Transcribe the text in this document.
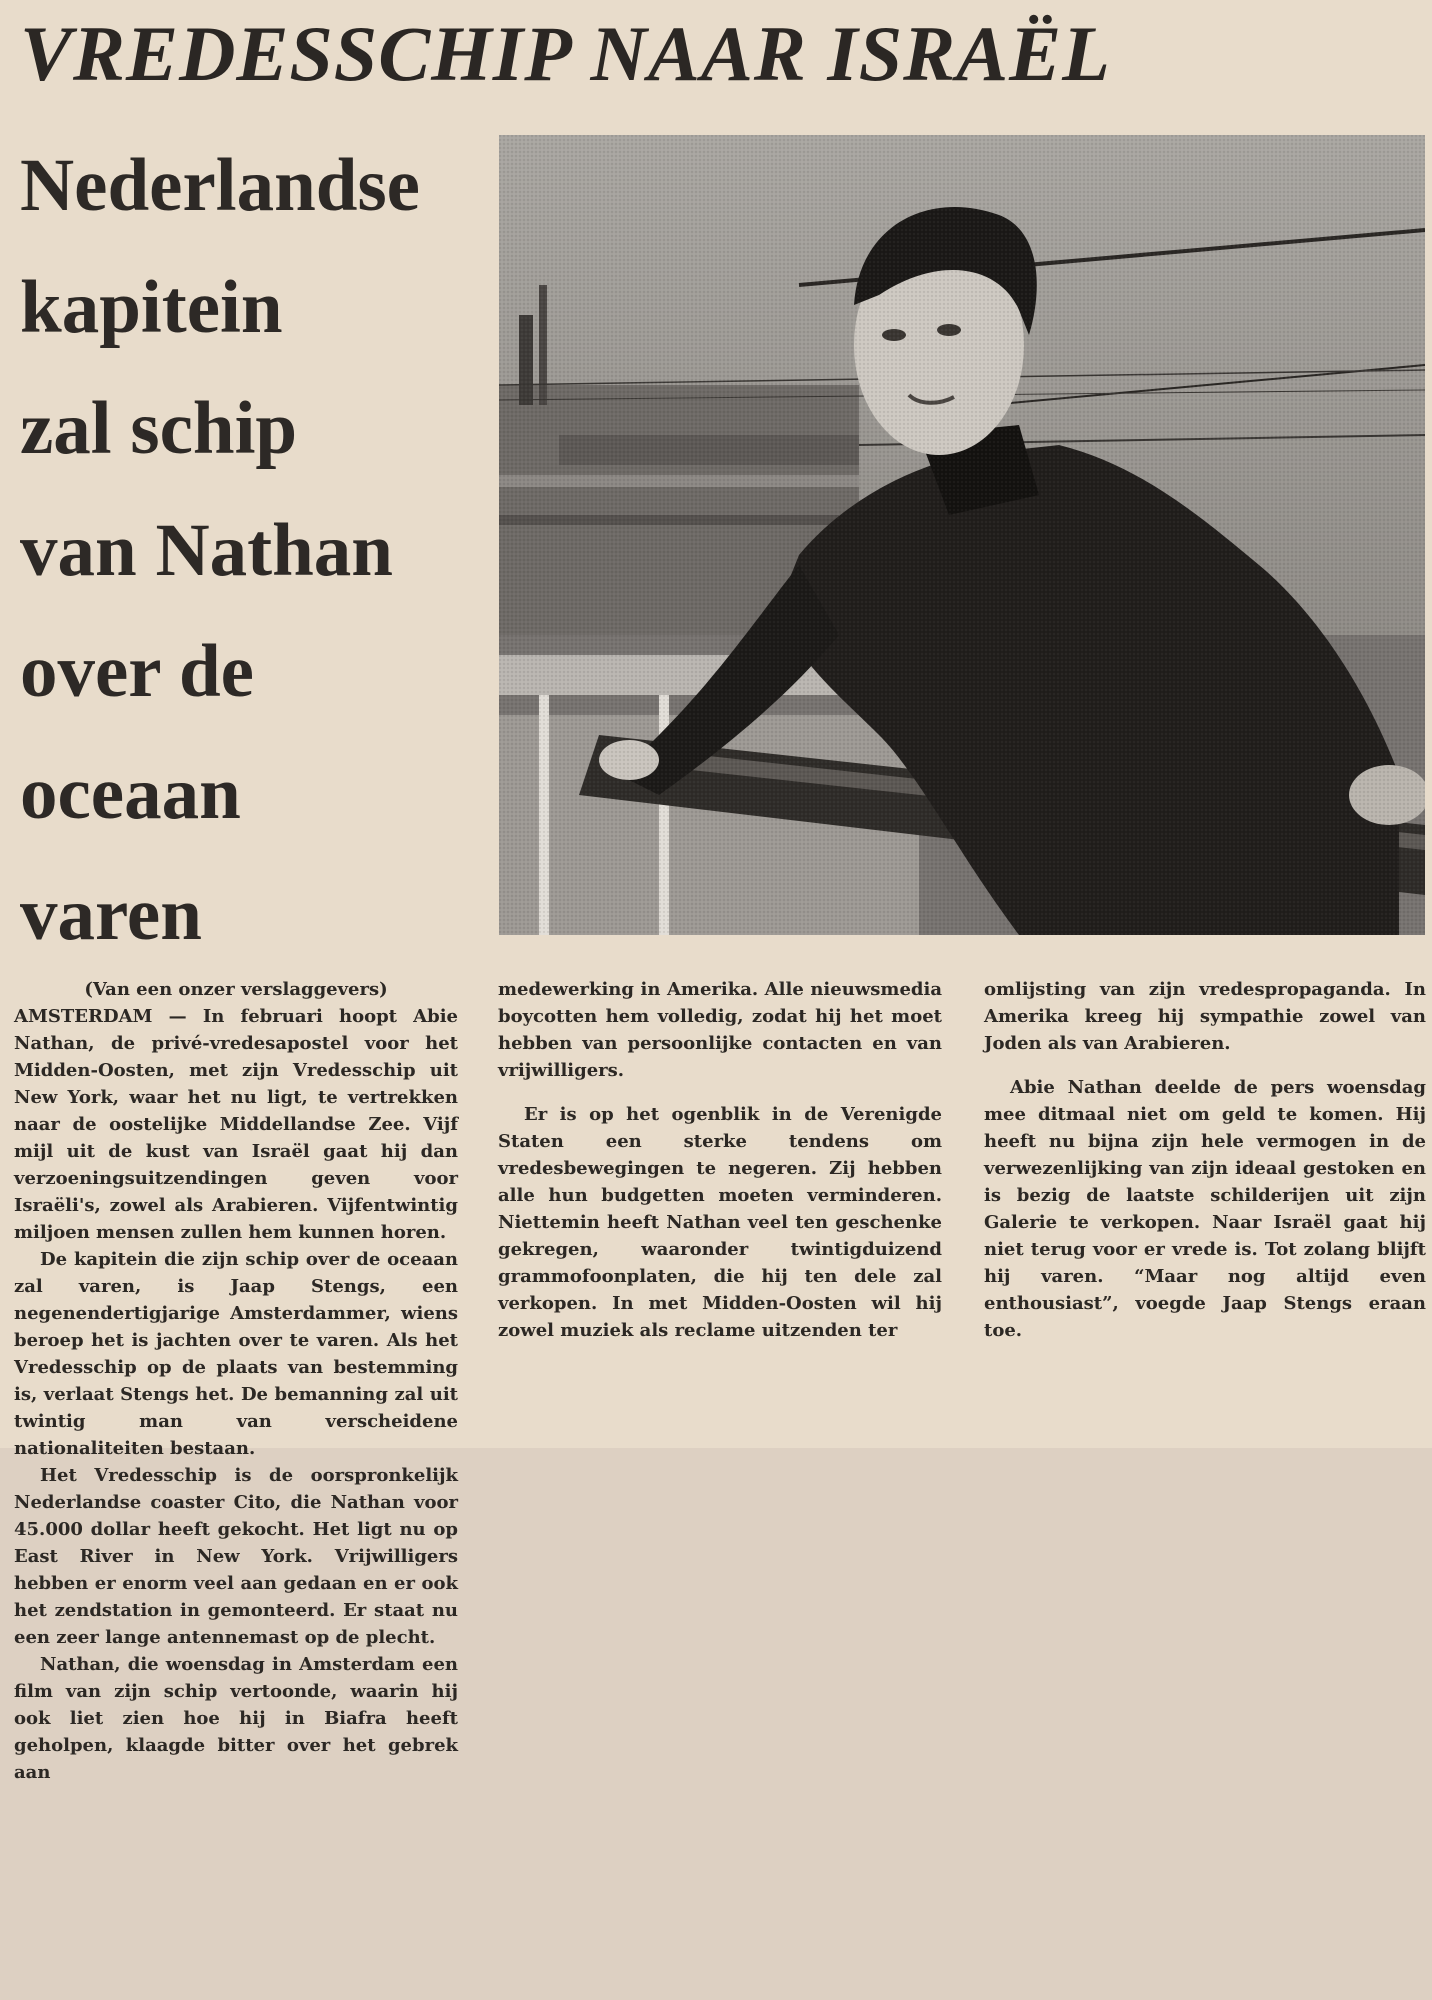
VREDESSCHIP NAAR ISRAËL
Nederlandse
kapitein
zal schip
van Nathan
over de
oceaan
varen
(Van een onzer verslaggevers)

AMSTERDAM — In februari hoopt Abie Nathan, de privé-vredesapostel voor het Midden-Oosten, met zijn Vredesschip uit New York, waar het nu ligt, te vertrekken naar de oostelijke Middellandse Zee. Vijf mijl uit de kust van Israël gaat hij dan verzoeningsuitzendingen geven voor Israëli's, zowel als Arabieren. Vijfentwintig miljoen mensen zullen hem kunnen horen.

De kapitein die zijn schip over de oceaan zal varen, is Jaap Stengs, een negenendertigjarige Amsterdammer, wiens beroep het is jachten over te varen. Als het Vredesschip op de plaats van bestemming is, verlaat Stengs het. De bemanning zal uit twintig man van verscheidene nationaliteiten bestaan.

Het Vredesschip is de oorspronkelijk Nederlandse coaster Cito, die Nathan voor 45.000 dollar heeft gekocht. Het ligt nu op East River in New York. Vrijwilligers hebben er enorm veel aan gedaan en er ook het zendstation in gemonteerd. Er staat nu een zeer lange antennemast op de plecht.

Nathan, die woensdag in Amsterdam een film van zijn schip vertoonde, waarin hij ook liet zien hoe hij in Biafra heeft geholpen, klaagde bitter over het gebrek aan

medewerking in Amerika. Alle nieuwsmedia boycotten hem volledig, zodat hij het moet hebben van persoonlijke contacten en van vrijwilligers.

Er is op het ogenblik in de Verenigde Staten een sterke tendens om vredesbewegingen te negeren. Zij hebben alle hun budgetten moeten verminderen. Niettemin heeft Nathan veel ten geschenke gekregen, waaronder twintigduizend grammofoonplaten, die hij ten dele zal verkopen. In met Midden-Oosten wil hij zowel muziek als reclame uitzenden ter

omlijsting van zijn vredespropaganda. In Amerika kreeg hij sympathie zowel van Joden als van Arabieren.

Abie Nathan deelde de pers woensdag mee ditmaal niet om geld te komen. Hij heeft nu bijna zijn hele vermogen in de verwezenlijking van zijn ideaal gestoken en is bezig de laatste schilderijen uit zijn Galerie te verkopen. Naar Israël gaat hij niet terug voor er vrede is. Tot zolang blijft hij varen. “Maar nog altijd even enthousiast”, voegde Jaap Stengs eraan toe.
